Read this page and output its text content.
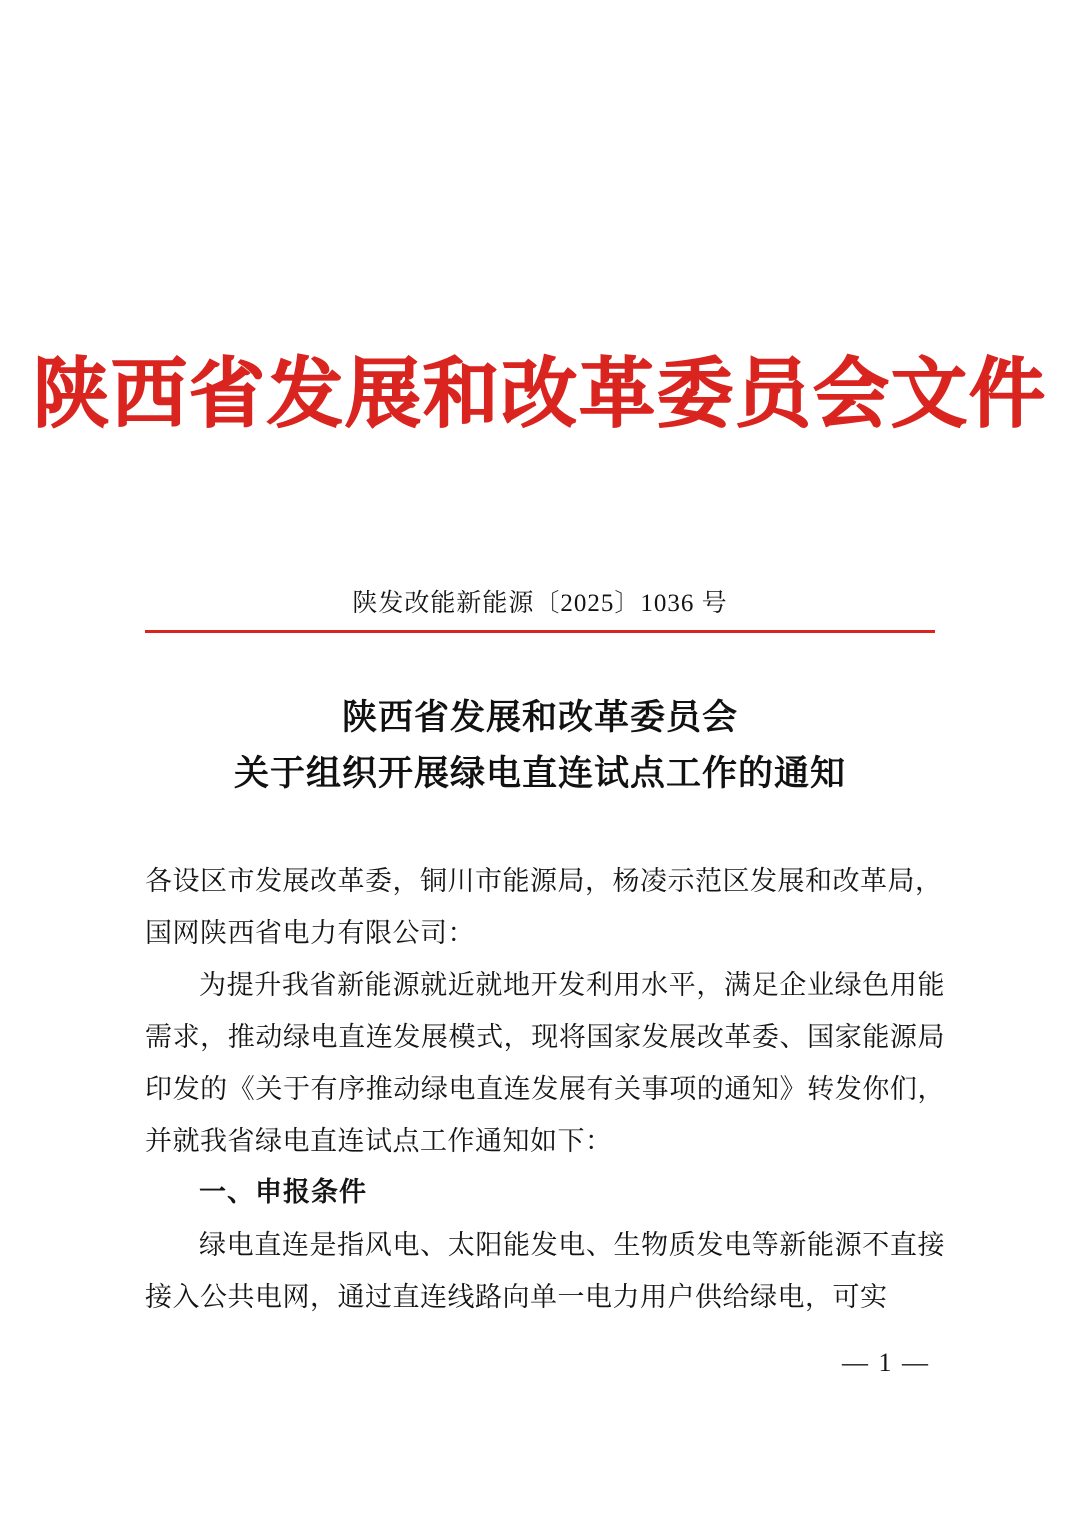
陕西省发展和改革委员会文件
陕发改能新能源〔2025〕1036 号
陕西省发展和改革委员会
关于组织开展绿电直连试点工作的通知

各设区市发展改革委，铜川市能源局，杨凌示范区发展和改革局，

国网陕西省电力有限公司：

为提升我省新能源就近就地开发利用水平，满足企业绿色用能需求，推动绿电直连发展模式，现将国家发展改革委、国家能源局印发的《关于有序推动绿电直连发展有关事项的通知》转发你们，并就我省绿电直连试点工作通知如下：

一、申报条件

绿电直连是指风电、太阳能发电、生物质发电等新能源不直接接入公共电网，通过直连线路向单一电力用户供给绿电，可实

— 1 —
